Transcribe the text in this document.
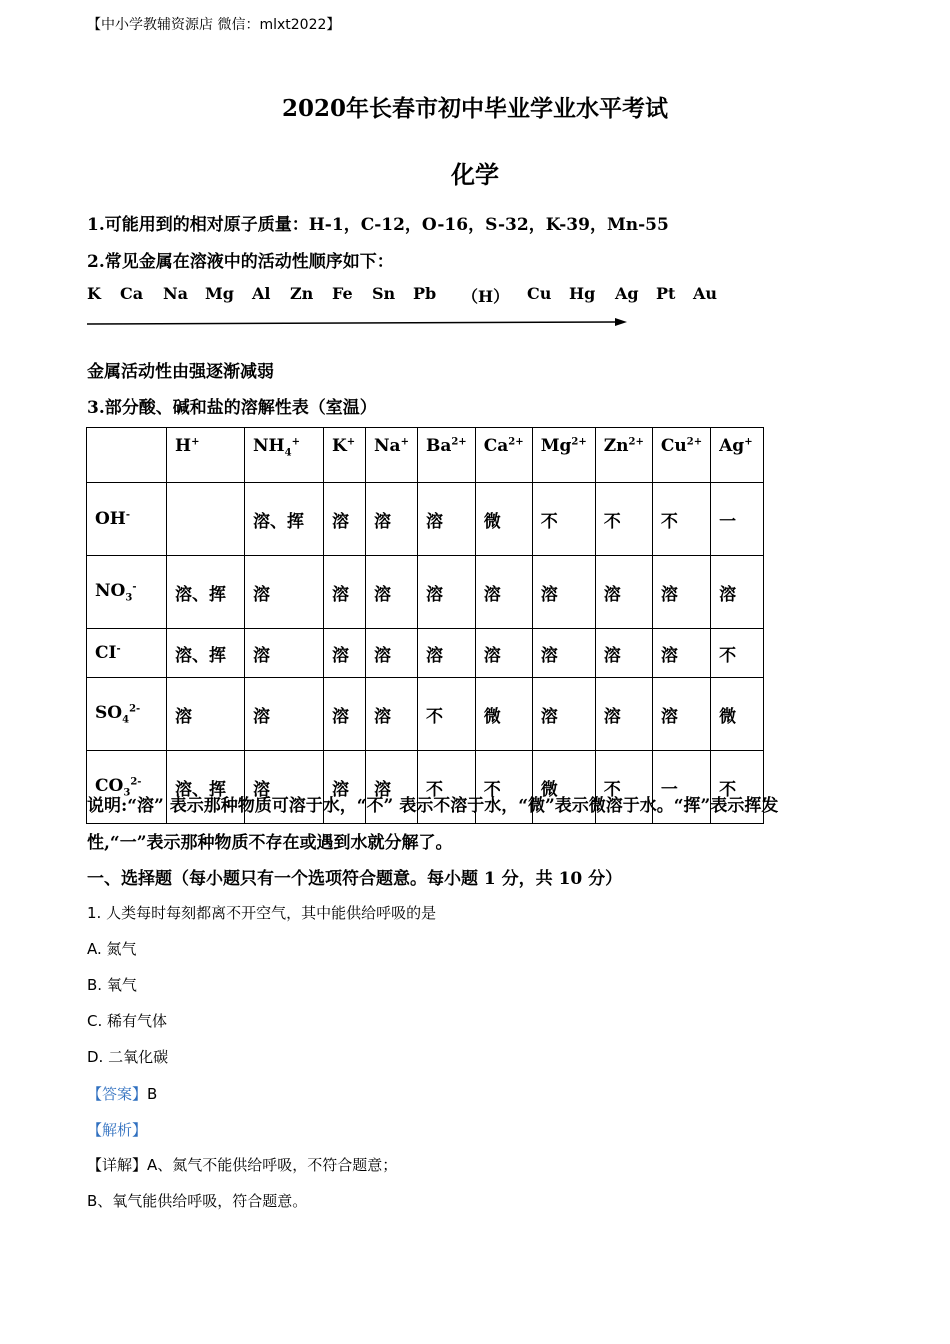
【中小学教辅资源店 微信：mlxt2022】
2020年长春市初中毕业学业水平考试
化学
1.可能用到的相对原子质量：H-1，C-12，O-16，S-32，K-39，Mn-55
2.常见金属在溶液中的活动性顺序如下：
K Ca Na Mg Al Zn Fe Sn Pb （H） Cu Hg Ag Pt Au
金属活动性由强逐渐减弱
3.部分酸、碱和盐的溶解性表（室温）
	H+	$NH_4^+$	K+	Na+	$Ba^{2+}$	$Ca^{2+}$	$Mg^{2+}$	$Zn^{2+}$	$Cu^{2+}$	Ag+
OH-		溶、挥	溶	溶	溶	微	不	不	不	一
$NO_3^-$	溶、挥	溶	溶	溶	溶	溶	溶	溶	溶	溶
CI-	溶、挥	溶	溶	溶	溶	溶	溶	溶	溶	不
$SO_4^{2-}$	溶	溶	溶	溶	不	微	溶	溶	溶	微
$CO_3^{2-}$	溶、挥	溶	溶	溶	不	不	微	不	一	不
说明:“溶” 表示那种物质可溶于水，“不” 表示不溶于水，“微”表示微溶于水。“挥”表示挥发
性,“一”表示那种物质不存在或遇到水就分解了。
一、选择题（每小题只有一个选项符合题意。每小题 1 分，共 10 分）
1. 人类每时每刻都离不开空气，其中能供给呼吸的是
A. 氮气
B. 氧气
C. 稀有气体
D. 二氧化碳
【答案】B
【解析】
【详解】A、氮气不能供给呼吸，不符合题意；
B、氧气能供给呼吸，符合题意。
